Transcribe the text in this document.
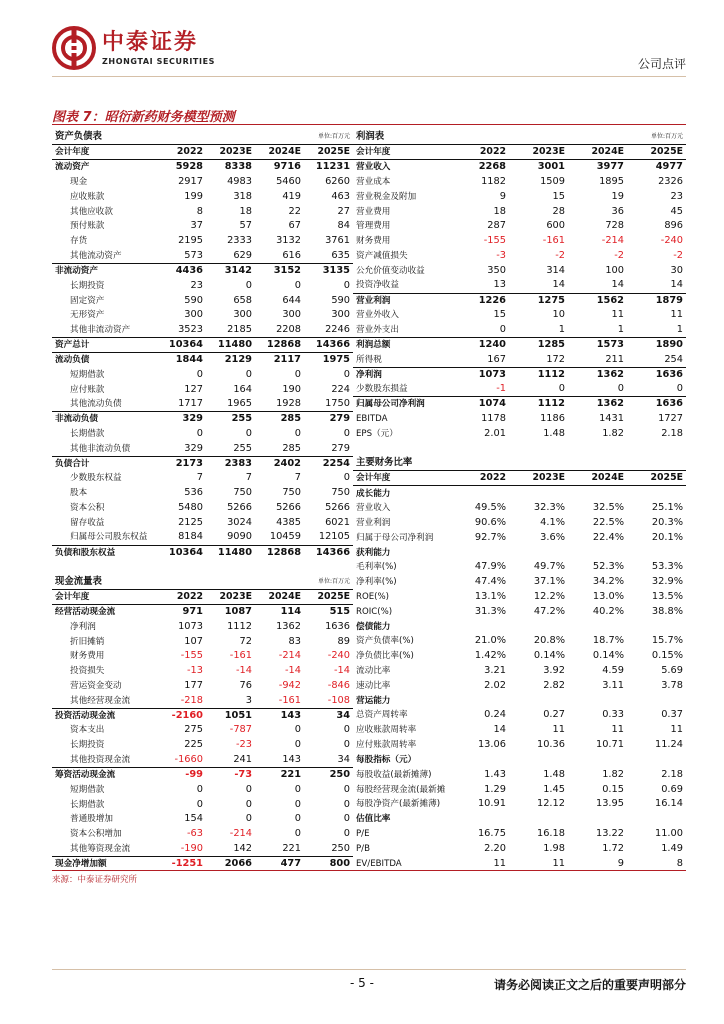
中泰证券
ZHONGTAI SECURITIES	公司点评
图表 7：昭衍新药财务模型预测
资产负债表			单位:百万元	
会计年度	2022	2023E	2024E	2025E
流动资产	5928	8338	9716	11231
现金	2917	4983	5460	6260
应收账款	199	318	419	463
其他应收款	8	18	22	27
预付账款	37	57	67	84
存货	2195	2333	3132	3761
其他流动资产	573	629	616	635
非流动资产	4436	3142	3152	3135
长期投资	23	0	0	0
固定资产	590	658	644	590
无形资产	300	300	300	300
其他非流动资产	3523	2185	2208	2246
资产总计	10364	11480	12868	14366
流动负债	1844	2129	2117	1975
短期借款	0	0	0	0
应付账款	127	164	190	224
其他流动负债	1717	1965	1928	1750
非流动负债	329	255	285	279
长期借款	0	0	0	0
其他非流动负债	329	255	285	279
负债合计	2173	2383	2402	2254
少数股东权益	7	7	7	0
股本	536	750	750	750
资本公积	5480	5266	5266	5266
留存收益	2125	3024	4385	6021
归属母公司股东权益	8184	9090	10459	12105
负债和股东权益	10364	11480	12868	14366

现金流量表			单位:百万元	
会计年度	2022	2023E	2024E	2025E
经营活动现金流	971	1087	114	515
净利润	1073	1112	1362	1636
折旧摊销	107	72	83	89
财务费用	-155	-161	-214	-240
投资损失	-13	-14	-14	-14
营运资金变动	177	76	-942	-846
其他经营现金流	-218	3	-161	-108
投资活动现金流	-2160	1051	143	34
资本支出	275	-787	0	0
长期投资	225	-23	0	0
其他投资现金流	-1660	241	143	34
筹资活动现金流	-99	-73	221	250
短期借款	0	0	0	0
长期借款	0	0	0	0
普通股增加	154	0	0	0
资本公积增加	-63	-214	0	0
其他筹资现金流	-190	142	221	250
现金净增加额	-1251	2066	477	800
利润表			单位:百万元	
会计年度	2022	2023E	2024E	2025E
营业收入	2268	3001	3977	4977
营业成本	1182	1509	1895	2326
营业税金及附加	9	15	19	23
营业费用	18	28	36	45
管理费用	287	600	728	896
财务费用	-155	-161	-214	-240
资产减值损失	-3	-2	-2	-2
公允价值变动收益	350	314	100	30
投资净收益	13	14	14	14
营业利润	1226	1275	1562	1879
营业外收入	15	10	11	11
营业外支出	0	1	1	1
利润总额	1240	1285	1573	1890
所得税	167	172	211	254
净利润	1073	1112	1362	1636
少数股东损益	-1	0	0	0
归属母公司净利润	1074	1112	1362	1636
EBITDA	1178	1186	1431	1727
EPS（元）	2.01	1.48	1.82	2.18

主要财务比率				
会计年度	2022	2023E	2024E	2025E
成长能力				
营业收入	49.5%	32.3%	32.5%	25.1%
营业利润	90.6%	4.1%	22.5%	20.3%
归属于母公司净利润	92.7%	3.6%	22.4%	20.1%
获利能力				
毛利率(%)	47.9%	49.7%	52.3%	53.3%
净利率(%)	47.4%	37.1%	34.2%	32.9%
ROE(%)	13.1%	12.2%	13.0%	13.5%
ROIC(%)	31.3%	47.2%	40.2%	38.8%
偿债能力				
资产负债率(%)	21.0%	20.8%	18.7%	15.7%
净负债比率(%)	1.42%	0.14%	0.14%	0.15%
流动比率	3.21	3.92	4.59	5.69
速动比率	2.02	2.82	3.11	3.78
营运能力				
总资产周转率	0.24	0.27	0.33	0.37
应收账款周转率	14	11	11	11
应付账款周转率	13.06	10.36	10.71	11.24
每股指标（元）				
每股收益(最新摊薄)	1.43	1.48	1.82	2.18
每股经营现金流(最新摊	1.29	1.45	0.15	0.69
每股净资产(最新摊薄)	10.91	12.12	13.95	16.14
估值比率				
P/E	16.75	16.18	13.22	11.00
P/B	2.20	1.98	1.72	1.49
EV/EBITDA	11	11	9	8
来源：中泰证券研究所
- 5 -	请务必阅读正文之后的重要声明部分
